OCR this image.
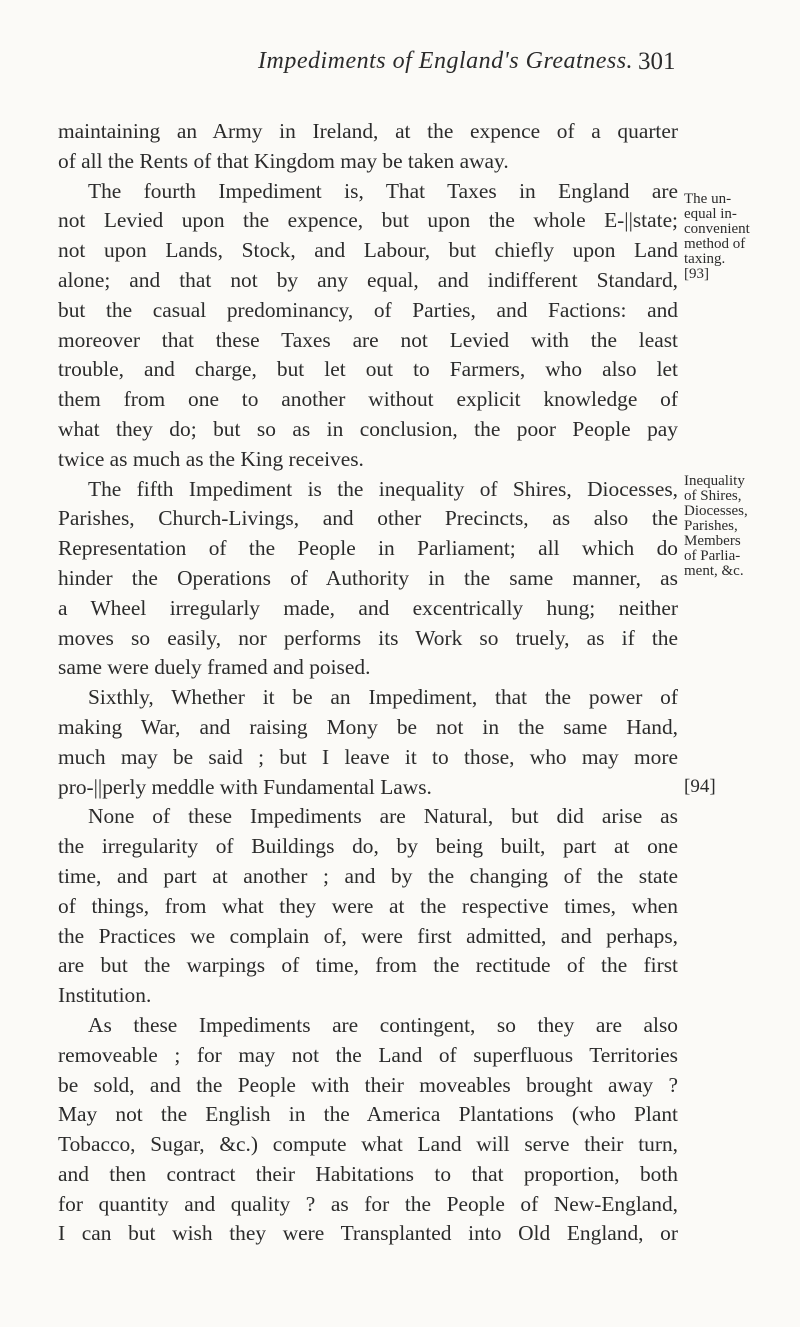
Impediments of England's Greatness. 301
maintaining an Army in Ireland, at the expence of a quarter
of all the Rents of that Kingdom may be taken away.
The fourth Impediment is, That Taxes in England are
not Levied upon the expence, but upon the whole E-||state;
not upon Lands, Stock, and Labour, but chiefly upon Land
alone; and that not by any equal, and indifferent Standard,
but the casual predominancy, of Parties, and Factions: and
moreover that these Taxes are not Levied with the least
trouble, and charge, but let out to Farmers, who also let
them from one to another without explicit knowledge of
what they do; but so as in conclusion, the poor People pay
twice as much as the King receives.
The fifth Impediment is the inequality of Shires, Diocesses,
Parishes, Church-Livings, and other Precincts, as also the
Representation of the People in Parliament; all which do
hinder the Operations of Authority in the same manner, as
a Wheel irregularly made, and excentrically hung; neither
moves so easily, nor performs its Work so truely, as if the
same were duely framed and poised.
Sixthly, Whether it be an Impediment, that the power of
making War, and raising Mony be not in the same Hand,
much may be said ; but I leave it to those, who may more
pro-||perly meddle with Fundamental Laws.
None of these Impediments are Natural, but did arise as
the irregularity of Buildings do, by being built, part at one
time, and part at another ; and by the changing of the state
of things, from what they were at the respective times, when
the Practices we complain of, were first admitted, and perhaps,
are but the warpings of time, from the rectitude of the first
Institution.
As these Impediments are contingent, so they are also
removeable ; for may not the Land of superfluous Territories
be sold, and the People with their moveables brought away ?
May not the English in the America Plantations (who Plant
Tobacco, Sugar, &c.) compute what Land will serve their turn,
and then contract their Habitations to that proportion, both
for quantity and quality ? as for the People of New-England,
I can but wish they were Transplanted into Old England, or
The un-
equal in-
convenient
method of
taxing.
[93]
Inequality
of Shires,
Diocesses,
Parishes,
Members
of Parlia-
ment, &c.
[94]
